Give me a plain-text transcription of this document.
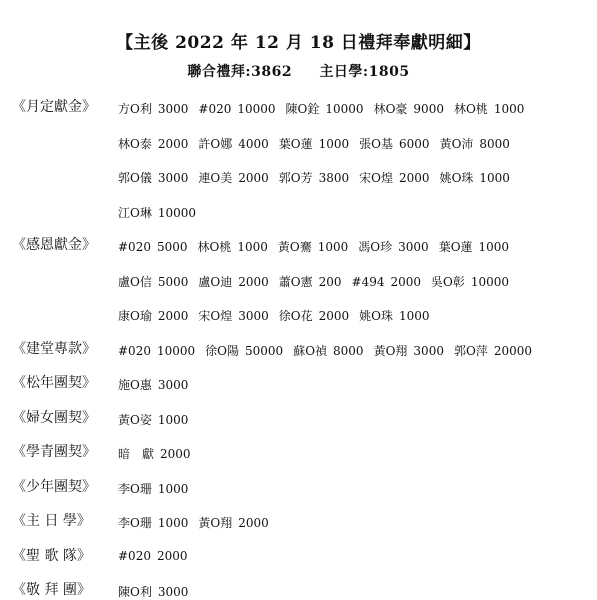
【主後 2022 年 12 月 18 日禮拜奉獻明細】
聯合禮拜:3862 主日學:1805
《月定獻金》 方O利 3000 #020 10000 陳O銓 10000 林O豪 9000 林O桃 1000
林O泰 2000 許O娜 4000 葉O蓮 1000 張O基 6000 黃O沛 8000
郭O儀 3000 連O美 2000 郭O芳 3800 宋O煌 2000 姚O珠 1000
江O琳 10000
《感恩獻金》 #020 5000 林O桃 1000 黃O騫 1000 馮O珍 3000 葉O蓮 1000
盧O信 5000 盧O迪 2000 蕭O憲 200 #494 2000 吳O彰 10000
康O瑜 2000 宋O煌 3000 徐O花 2000 姚O珠 1000
《建堂專款》 #020 10000 徐O陽 50000 蘇O禎 8000 黃O翔 3000 郭O萍 20000
《松年團契》 施O惠 3000
《婦女團契》 黃O姿 1000
《學青團契》 暗　獻 2000
《少年團契》 李O珊 1000
《主 日 學》 李O珊 1000 黃O翔 2000
《聖 歌 隊》 #020 2000
《敬 拜 團》 陳O利 3000
